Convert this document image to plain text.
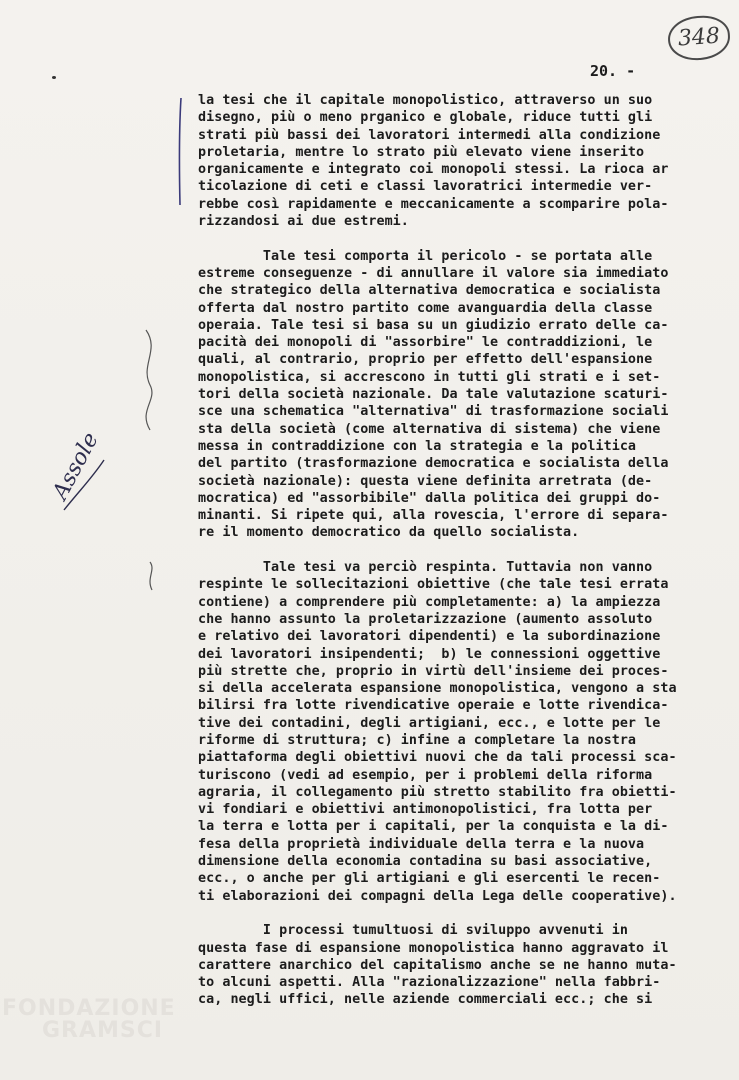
348
20. -
Assole
la tesi che il capitale monopolistico, attraverso un suo
disegno, più o meno prganico e globale, riduce tutti gli
strati più bassi dei lavoratori intermedi alla condizione
proletaria, mentre lo strato più elevato viene inserito
organicamente e integrato coi monopoli stessi. La rioca ar
ticolazione di ceti e classi lavoratrici intermedie ver-
rebbe così rapidamente e meccanicamente a scomparire pola-
rizzandosi ai due estremi.
Tale tesi comporta il pericolo - se portata alle
estreme conseguenze - di annullare il valore sia immediato
che strategico della alternativa democratica e socialista
offerta dal nostro partito come avanguardia della classe
operaia. Tale tesi si basa su un giudizio errato delle ca-
pacità dei monopoli di "assorbire" le contraddizioni, le
quali, al contrario, proprio per effetto dell'espansione
monopolistica, si accrescono in tutti gli strati e i set-
tori della società nazionale. Da tale valutazione scaturi-
sce una schematica "alternativa" di trasformazione sociali
sta della società (come alternativa di sistema) che viene
messa in contraddizione con la strategia e la politica
del partito (trasformazione democratica e socialista della
società nazionale): questa viene definita arretrata (de-
mocratica) ed "assorbibile" dalla politica dei gruppi do-
minanti. Si ripete qui, alla rovescia, l'errore di separa-
re il momento democratico da quello socialista.
Tale tesi va perciò respinta. Tuttavia non vanno
respinte le sollecitazioni obiettive (che tale tesi errata
contiene) a comprendere più completamente: a) la ampiezza
che hanno assunto la proletarizzazione (aumento assoluto
e relativo dei lavoratori dipendenti) e la subordinazione
dei lavoratori insipendenti;  b) le connessioni oggettive
più strette che, proprio in virtù dell'insieme dei proces-
si della accelerata espansione monopolistica, vengono a sta
bilirsi fra lotte rivendicative operaie e lotte rivendica-
tive dei contadini, degli artigiani, ecc., e lotte per le
riforme di struttura; c) infine a completare la nostra
piattaforma degli obiettivi nuovi che da tali processi sca-
turiscono (vedi ad esempio, per i problemi della riforma
agraria, il collegamento più stretto stabilito fra obietti-
vi fondiari e obiettivi antimonopolistici, fra lotta per
la terra e lotta per i capitali, per la conquista e la di-
fesa della proprietà individuale della terra e la nuova
dimensione della economia contadina su basi associative,
ecc., o anche per gli artigiani e gli esercenti le recen-
ti elaborazioni dei compagni della Lega delle cooperative).
I processi tumultuosi di sviluppo avvenuti in
questa fase di espansione monopolistica hanno aggravato il
carattere anarchico del capitalismo anche se ne hanno muta-
to alcuni aspetti. Alla "razionalizzazione" nella fabbri-
ca, negli uffici, nelle aziende commerciali ecc.; che si
FONDAZIONE
GRAMSCI
